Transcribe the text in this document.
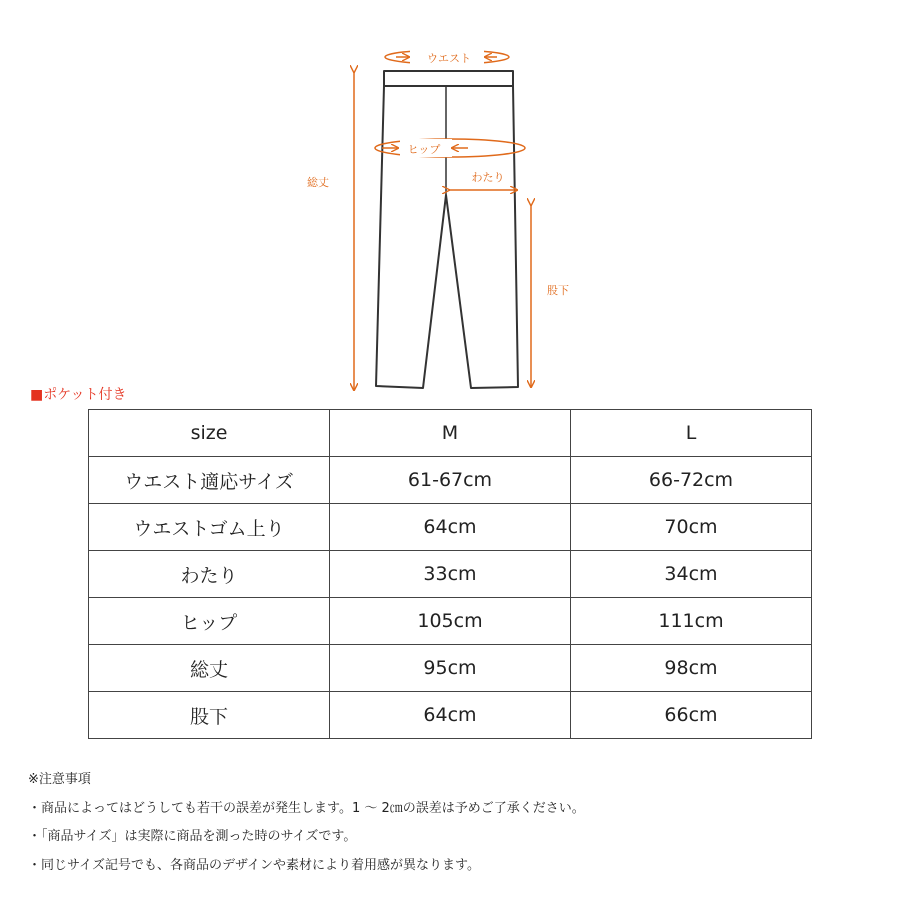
ウエスト
ヒップ
わたり
総丈
股下
■ポケット付き
size	M	L
ウエスト適応サイズ	61-67cm	66-72cm
ウエストゴム上り	64cm	70cm
わたり	33cm	34cm
ヒップ	105cm	111cm
総丈	95cm	98cm
股下	64cm	66cm
※注意事項
・商品によってはどうしても若干の誤差が発生します。1 ～ 2㎝の誤差は予めご了承ください。
・「商品サイズ」は実際に商品を測った時のサイズです。
・同じサイズ記号でも、各商品のデザインや素材により着用感が異なります。
